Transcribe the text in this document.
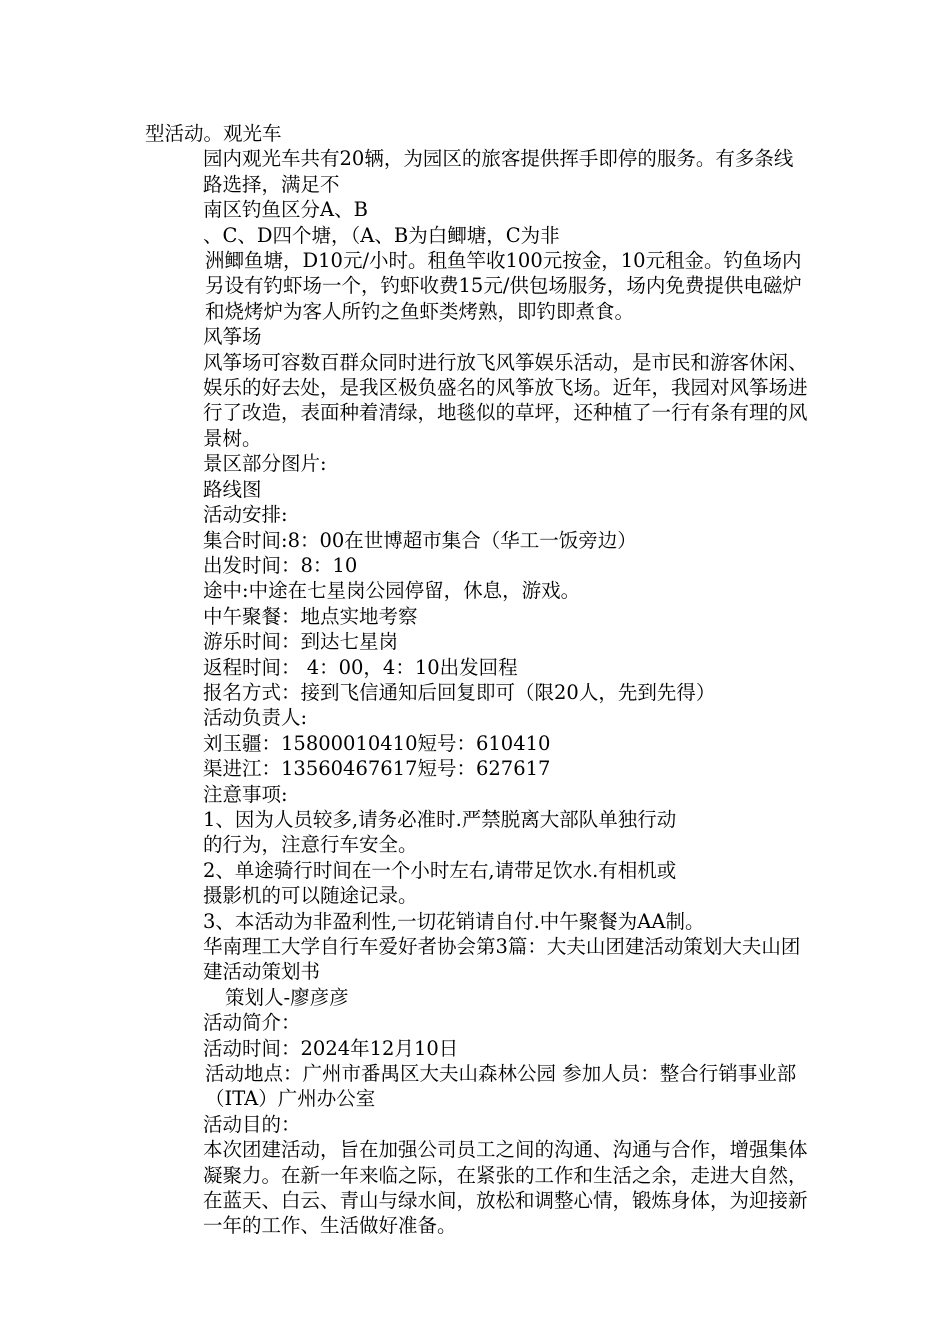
型活动。观光车

园内观光车共有20辆，为园区的旅客提供挥手即停的服务。有多条线路选择，满足不

南区钓鱼区分A、B

、C、D四个塘，（A、B为白鲫塘，C为非

洲鲫鱼塘，D10元/小时。租鱼竿收100元按金，10元租金。钓鱼场内另设有钓虾场一个，钓虾收费15元/供包场服务，场内免费提供电磁炉和烧烤炉为客人所钓之鱼虾类烤熟，即钓即煮食。

风筝场

风筝场可容数百群众同时进行放飞风筝娱乐活动，是市民和游客休闲、娱乐的好去处，是我区极负盛名的风筝放飞场。近年，我园对风筝场进行了改造，表面种着清绿，地毯似的草坪，还种植了一行有条有理的风景树。

景区部分图片:

路线图

活动安排:

集合时间:8：00在世博超市集合（华工一饭旁边）

出发时间：8：10

途中:中途在七星岗公园停留，休息，游戏。

中午聚餐：地点实地考察

游乐时间：到达七星岗

返程时间： 4：00，4：10出发回程

报名方式：接到飞信通知后回复即可（限20人，先到先得）

活动负责人:

刘玉疆：15800010410短号：610410

渠进江：13560467617短号：627617

注意事项:

1、因为人员较多,请务必准时.严禁脱离大部队单独行动

的行为，注意行车安全。

2、单途骑行时间在一个小时左右,请带足饮水.有相机或

摄影机的可以随途记录。

3、本活动为非盈利性,一切花销请自付.中午聚餐为AA制。

华南理工大学自行车爱好者协会第3篇：大夫山团建活动策划大夫山团建活动策划书

策划人-廖彦彦

活动简介：

活动时间：2024年12月10日

活动地点：广州市番禺区大夫山森林公园 参加人员：整合行销事业部（ITA）广州办公室

活动目的：

本次团建活动，旨在加强公司员工之间的沟通、沟通与合作，增强集体凝聚力。在新一年来临之际，在紧张的工作和生活之余，走进大自然，在蓝天、白云、青山与绿水间，放松和调整心情，锻炼身体，为迎接新一年的工作、生活做好准备。
